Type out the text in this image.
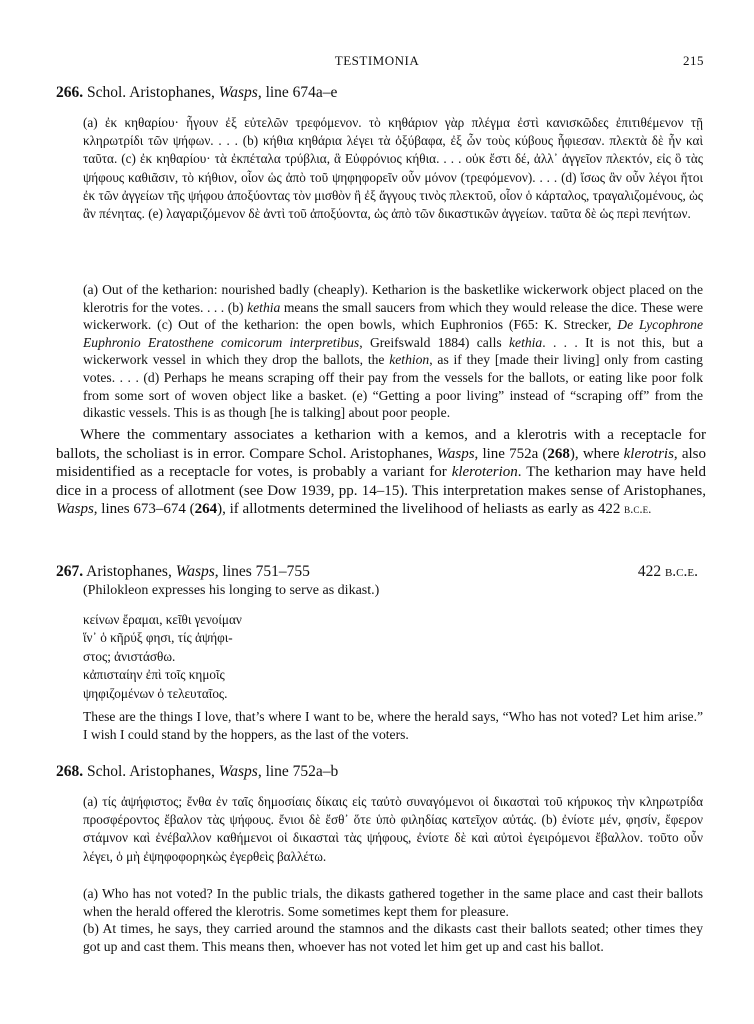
TESTIMONIA	215
266. Schol. Aristophanes, Wasps, line 674a–e

(a) ἐκ κηθαρίου· ἦγουν ἐξ εὐτελῶν τρεφόμενον. τὸ κηθάριον γὰρ πλέγμα ἐστὶ κανισκῶδες ἐπιτιθέμενον τῇ κληρωτρίδι τῶν ψήφων. . . . (b) κήθια κηθάρια λέγει τὰ ὀξύβαφα, ἐξ ὧν τοὺς κύβους ἧφιεσαν. πλεκτὰ δὲ ἦν καὶ ταῦτα. (c) ἐκ κηθαρίου· τὰ ἐκπέταλα τρύβλια, ἃ Εὐφρόνιος κήθια. . . . οὐκ ἔστι δέ, ἀλλ᾿ ἀγγεῖον πλεκτόν, εἰς ὃ τὰς ψήφους καθιᾶσιν, τὸ κήθιον, οἷον ὡς ἀπὸ τοῦ ψηφηφορεῖν οὖν μόνον (τρεφόμενον). . . . (d) ἴσως ἂν οὖν λέγοι ἤτοι ἐκ τῶν ἀγγείων τῆς ψήφου ἀποξύοντας τὸν μισθὸν ἢ ἐξ ἄγγους τινὸς πλεκτοῦ, οἷον ὁ κάρταλος, τραγαλιζομένους, ὡς ἂν πένητας. (e) λαγαριζόμενον δὲ ἀντὶ τοῦ ἀποξύοντα, ὡς ἀπὸ τῶν δικαστικῶν ἀγγείων. ταῦτα δὲ ὡς περὶ πενήτων.

(a) Out of the ketharion: nourished badly (cheaply). Ketharion is the basketlike wickerwork object placed on the klerotris for the votes. . . . (b) kethia means the small saucers from which they would release the dice. These were wickerwork. (c) Out of the ketharion: the open bowls, which Euphronios (F65: K. Strecker, De Lycophrone Euphronio Eratosthene comicorum interpretibus, Greifswald 1884) calls kethia. . . . It is not this, but a wickerwork vessel in which they drop the ballots, the kethion, as if they [made their living] only from casting votes. . . . (d) Perhaps he means scraping off their pay from the vessels for the ballots, or eating like poor folk from some sort of woven object like a basket. (e) “Getting a poor living” instead of “scraping off” from the dikastic vessels. This is as though [he is talking] about poor people.

Where the commentary associates a ketharion with a kemos, and a klerotris with a receptacle for ballots, the scholiast is in error. Compare Schol. Aristophanes, Wasps, line 752a (268), where klerotris, also misidentified as a receptacle for votes, is probably a variant for kleroterion. The ketharion may have held dice in a process of allotment (see Dow 1939, pp. 14–15). This interpretation makes sense of Aristophanes, Wasps, lines 673–674 (264), if allotments determined the livelihood of heliasts as early as 422 b.c.e.
267. Aristophanes, Wasps, lines 751–755	422 b.c.e.
(Philokleon expresses his longing to serve as dikast.)
κείνων ἔραμαι, κεῖθι γενοίμαν
ἵν᾿ ὁ κῆρύξ φησι, τίς ἀψήφι-
στος; ἀνιστάσθω.
κἀπισταίην ἐπὶ τοῖς κημοῖς
ψηφιζομένων ὁ τελευταῖος.

These are the things I love, that’s where I want to be, where the herald says, “Who has not voted? Let him arise.” I wish I could stand by the hoppers, as the last of the voters.

268. Schol. Aristophanes, Wasps, line 752a–b

(a) τίς ἀψήφιστος; ἔνθα ἐν ταῖς δημοσίαις δίκαις εἰς ταὐτὸ συναγόμενοι οἱ δικασταὶ τοῦ κήρυκος τὴν κληρωτρίδα προσφέροντος ἔβαλον τὰς ψήφους. ἔνιοι δὲ ἔσθ᾿ ὅτε ὑπὸ φιληδίας κατεῖχον αὐτάς. (b) ἐνίοτε μέν, φησίν, ἔφερον στάμνον καὶ ἐνέβαλλον καθήμενοι οἱ δικασταὶ τὰς ψήφους, ἐνίοτε δὲ καὶ αὐτοὶ ἐγειρόμενοι ἔβαλλον. τοῦτο οὖν λέγει, ὁ μὴ ἐψηφοφορηκὼς ἐγερθεὶς βαλλέτω.

(a) Who has not voted? In the public trials, the dikasts gathered together in the same place and cast their ballots when the herald offered the klerotris. Some sometimes kept them for pleasure.

(b) At times, he says, they carried around the stamnos and the dikasts cast their ballots seated; other times they got up and cast them. This means then, whoever has not voted let him get up and cast his ballot.
